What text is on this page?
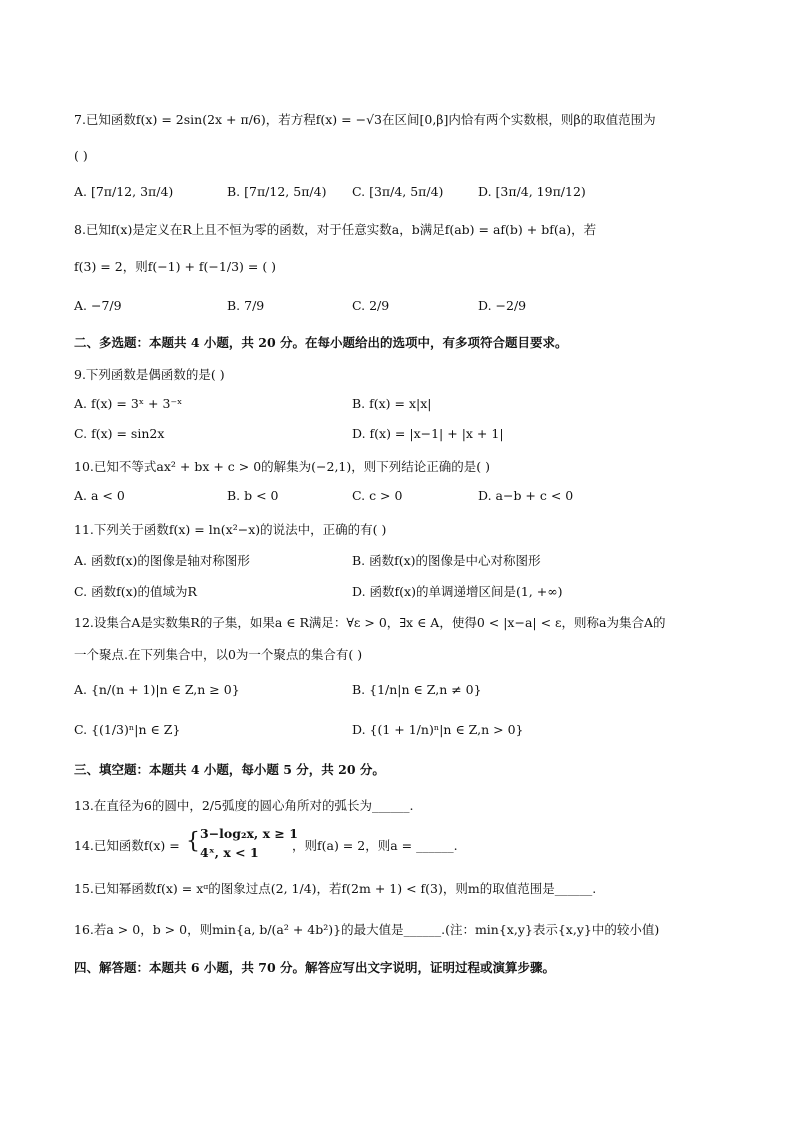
7.已知函数f(x) = 2sin(2x + π/6)，若方程f(x) = −√3在区间[0,β]内恰有两个实数根，则β的取值范围为
( )
A. [7π/12, 3π/4)	B. [7π/12, 5π/4) C. [3π/4, 5π/4)	D. [3π/4, 19π/12)
8.已知f(x)是定义在R上且不恒为零的函数，对于任意实数a，b满足f(ab) = af(b) + bf(a)，若
f(3) = 2，则f(−1) + f(−1/3) = ( )
A. −7/9	B. 7/9	C. 2/9	D. −2/9
二、多选题：本题共 4 小题，共 20 分。在每小题给出的选项中，有多项符合题目要求。
9.下列函数是偶函数的是( )
A. f(x) = 3ˣ + 3⁻ˣ	B. f(x) = x|x|
C. f(x) = sin2x	D. f(x) = |x−1| + |x + 1|
10.已知不等式ax² + bx + c > 0的解集为(−2,1)，则下列结论正确的是( )
A. a < 0	B. b < 0	C. c > 0	D. a−b + c < 0
11.下列关于函数f(x) = ln(x²−x)的说法中，正确的有( )
A. 函数f(x)的图像是轴对称图形	B. 函数f(x)的图像是中心对称图形
C. 函数f(x)的值域为R	D. 函数f(x)的单调递增区间是(1, +∞)
12.设集合A是实数集R的子集，如果a ∈ R满足：∀ε > 0，∃x ∈ A，使得0 < |x−a| < ε，则称a为集合A的
一个聚点.在下列集合中，以0为一个聚点的集合有( )
A. {n/(n + 1)|n ∈ Z,n ≥ 0}	B. {1/n|n ∈ Z,n ≠ 0}
C. {(1/3)ⁿ|n ∈ Z}	D. {(1 + 1/n)ⁿ|n ∈ Z,n > 0}
三、填空题：本题共 4 小题，每小题 5 分，共 20 分。
13.在直径为6的圆中，2/5弧度的圆心角所对的弧长为______.
14.已知函数f(x) = { 3−log₂x, x ≥ 1
4ˣ, x < 1	，则f(a) = 2，则a = ______.
15.已知幂函数f(x) = xᵅ的图象过点(2, 1/4)，若f(2m + 1) < f(3)，则m的取值范围是______.
16.若a > 0，b > 0，则min{a, b/(a² + 4b²)}的最大值是______.(注：min{x,y}表示{x,y}中的较小值)
四、解答题：本题共 6 小题，共 70 分。解答应写出文字说明，证明过程或演算步骤。
